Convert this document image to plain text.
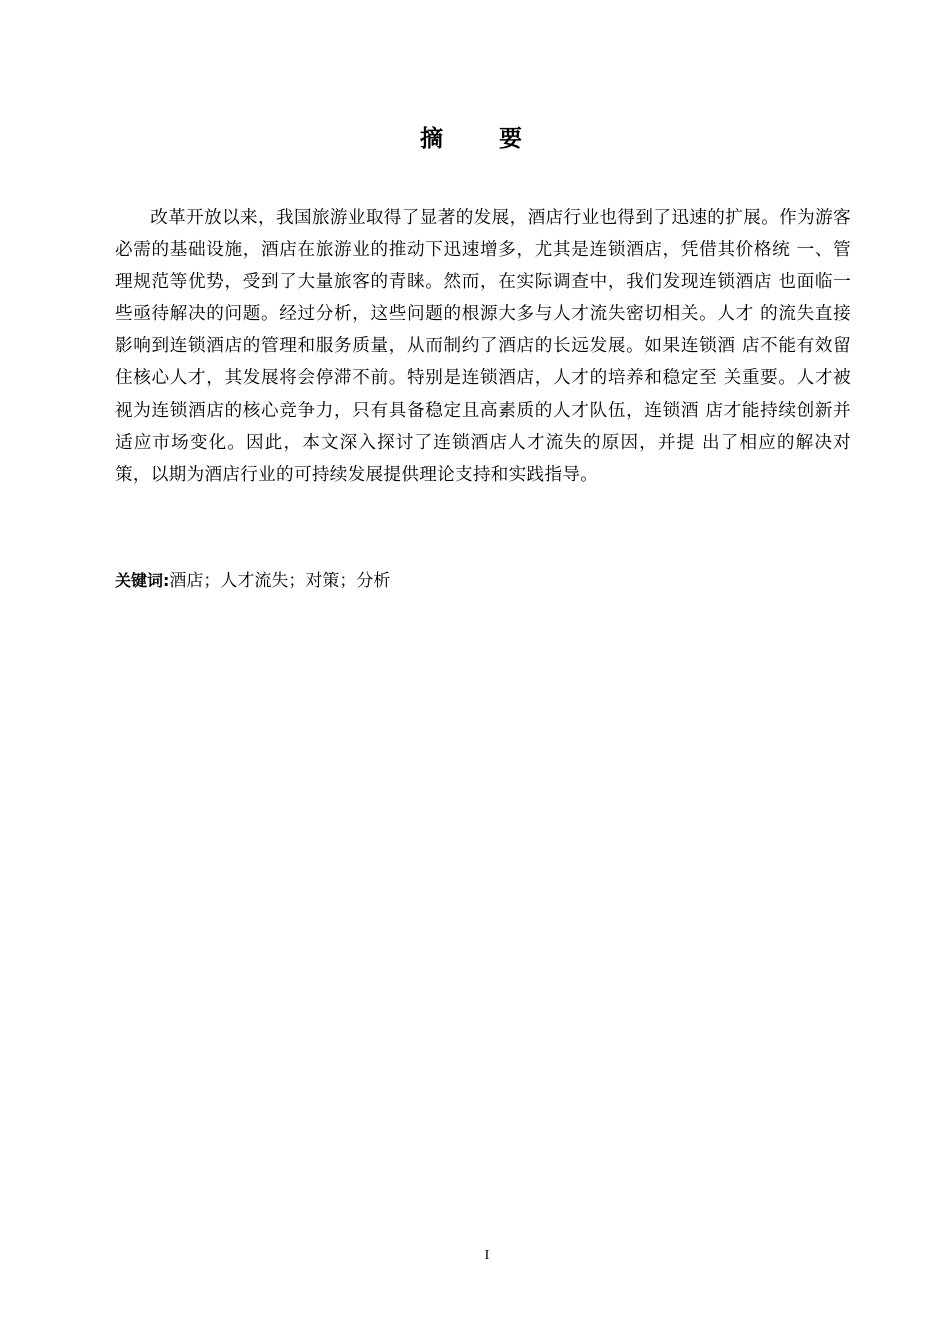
摘 要

改革开放以来，我国旅游业取得了显著的发展，酒店行业也得到了迅速的扩展。作为游客必需的基础设施，酒店在旅游业的推动下迅速增多，尤其是连锁酒店，凭借其价格统 一、管理规范等优势，受到了大量旅客的青睐。然而，在实际调查中，我们发现连锁酒店 也面临一些亟待解决的问题。经过分析，这些问题的根源大多与人才流失密切相关。人才 的流失直接影响到连锁酒店的管理和服务质量，从而制约了酒店的长远发展。如果连锁酒 店不能有效留住核心人才，其发展将会停滞不前。特别是连锁酒店，人才的培养和稳定至 关重要。人才被视为连锁酒店的核心竞争力，只有具备稳定且高素质的人才队伍，连锁酒 店才能持续创新并适应市场变化。因此，本文深入探讨了连锁酒店人才流失的原因，并提 出了相应的解决对策，以期为酒店行业的可持续发展提供理论支持和实践指导。

关键词:酒店；人才流失；对策；分析
I
